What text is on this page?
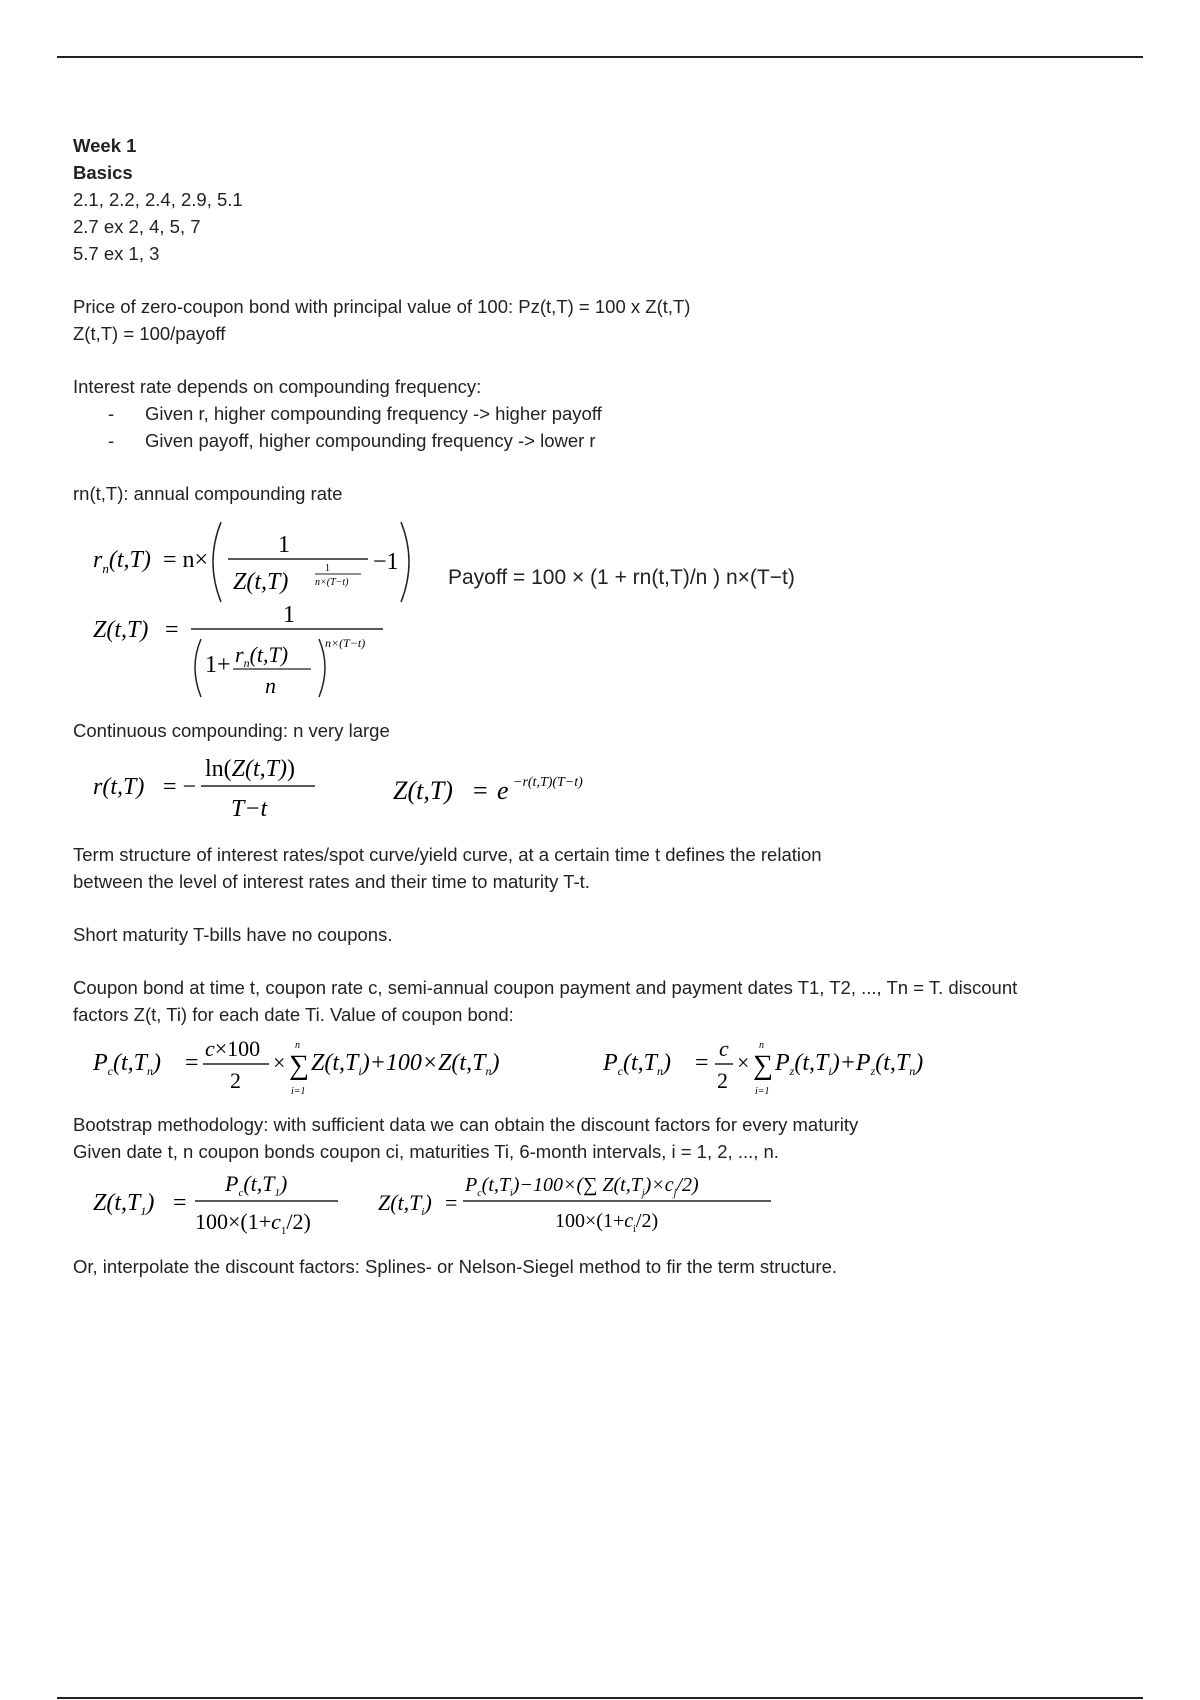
Week 1
Basics
2.1, 2.2, 2.4, 2.9, 5.1
2.7 ex 2, 4, 5, 7
5.7 ex 1, 3
Price of zero-coupon bond with principal value of 100: Pz(t,T) = 100 x Z(t,T)
Z(t,T) = 100/payoff
Interest rate depends on compounding frequency:
- Given r, higher compounding frequency -> higher payoff
- Given payoff, higher compounding frequency -> lower r
rn(t,T): annual compounding rate
$r_n(t,T) = n\times$
1
Z(t,T)
1
n×(T−t)
−1
Z(t,T) =
1
$1+ r_n(t,T)$
n
n×(T−t)
Payoff = 100 × (1 + rn(t,T)/n ) n×(T−t)
Continuous compounding: n very large
r(t,T) = −
ln(Z(t,T))
T−t
Z(t,T) = e −r(t,T)(T−t)
Term structure of interest rates/spot curve/yield curve, at a certain time t defines the relation
between the level of interest rates and their time to maturity T-t.
Short maturity T-bills have no coupons.
Coupon bond at time t, coupon rate c, semi-annual coupon payment and payment dates T1, T2, ..., Tn = T. discount
factors Z(t, Ti) for each date Ti. Value of coupon bond:
$P_c(t,T_n)$ =
c×100
2
× ∑
n
i=1
$Z(t,T_i)+100\times Z(t,T_n)$	$P_c(t,T_n)$ =
c
2
× ∑
n
i=1
$P_z(t,T_i)+P_z(t,T_n)$
Bootstrap methodology: with sufficient data we can obtain the discount factors for every maturity
Given date t, n coupon bonds coupon ci, maturities Ti, 6-month intervals, i = 1, 2, ..., n.
$Z(t,T_1)$ =
$P_c(t,T_1)$
$100\times(1+c_1/2)$
$Z(t,T_i)$ =
$P_c(t,T_i)-100\times(\sum$ $Z(t,T_j)\times c_j/2$)
$100\times(1+c_i/2)$
Or, interpolate the discount factors: Splines- or Nelson-Siegel method to fir the term structure.
